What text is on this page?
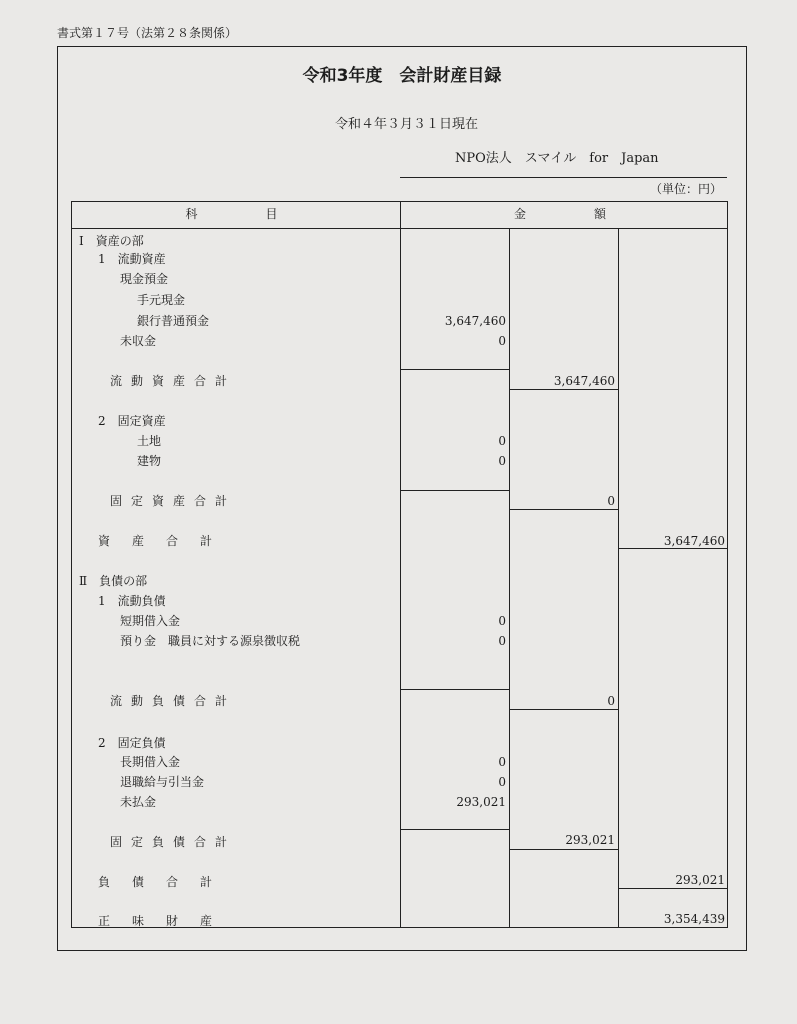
書式第１７号（法第２８条関係）
令和3年度　会計財産目録
令和４年３月３１日現在
NPO法人　スマイル　for　Japan
（単位：円）
科　　　目	金　　　額
Ⅰ　資産の部
1　流動資産
現金預金
手元現金
銀行普通預金	3,647,460
未収金	0
流動資産合計	3,647,460
2　固定資産
土地	0
建物	0
固定資産合計	0
資産合計	3,647,460
Ⅱ　負債の部
1　流動負債
短期借入金	0
預り金　職員に対する源泉徴収税	0
流動負債合計	0
2　固定負債
長期借入金	0
退職給与引当金	0
未払金	293,021
固定負債合計	293,021
負債合計	293,021
正味財産	3,354,439
